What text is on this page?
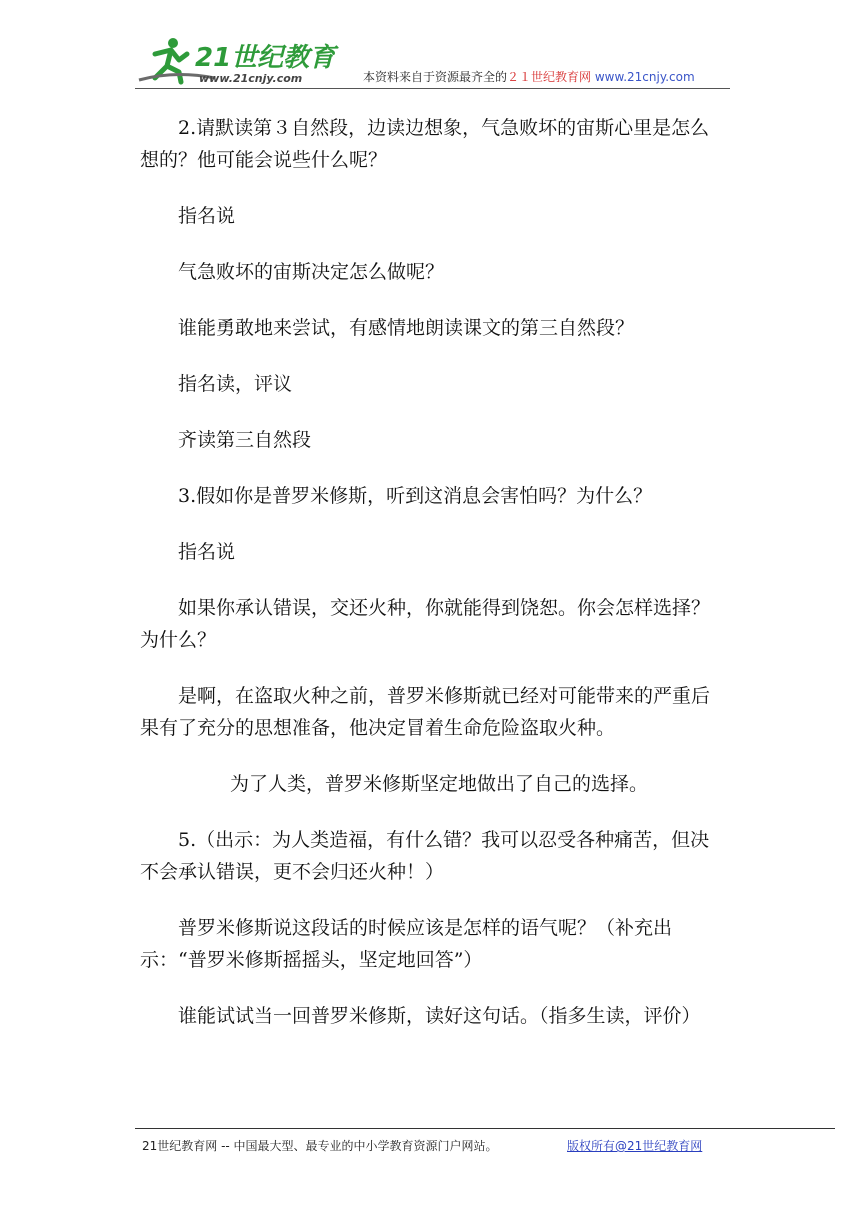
21世纪教育
www.21cnjy.com	本资料来自于资源最齐全的２１世纪教育网 www.21cnjy.com

2.请默读第３自然段，边读边想象，气急败坏的宙斯心里是怎么想的？他可能会说些什么呢？

指名说

气急败坏的宙斯决定怎么做呢？

谁能勇敢地来尝试，有感情地朗读课文的第三自然段？

指名读，评议

齐读第三自然段

3.假如你是普罗米修斯，听到这消息会害怕吗？为什么？

指名说

如果你承认错误，交还火种，你就能得到饶恕。你会怎样选择？为什么？

是啊，在盗取火种之前，普罗米修斯就已经对可能带来的严重后果有了充分的思想准备，他决定冒着生命危险盗取火种。

为了人类，普罗米修斯坚定地做出了自己的选择。

5.（出示：为人类造福，有什么错？我可以忍受各种痛苦，但决不会承认错误，更不会归还火种！）

普罗米修斯说这段话的时候应该是怎样的语气呢？（补充出示：“普罗米修斯摇摇头，坚定地回答”）

谁能试试当一回普罗米修斯，读好这句话。（指多生读，评价）

21世纪教育网 -- 中国最大型、最专业的中小学教育资源门户网站。	版权所有@21世纪教育网
